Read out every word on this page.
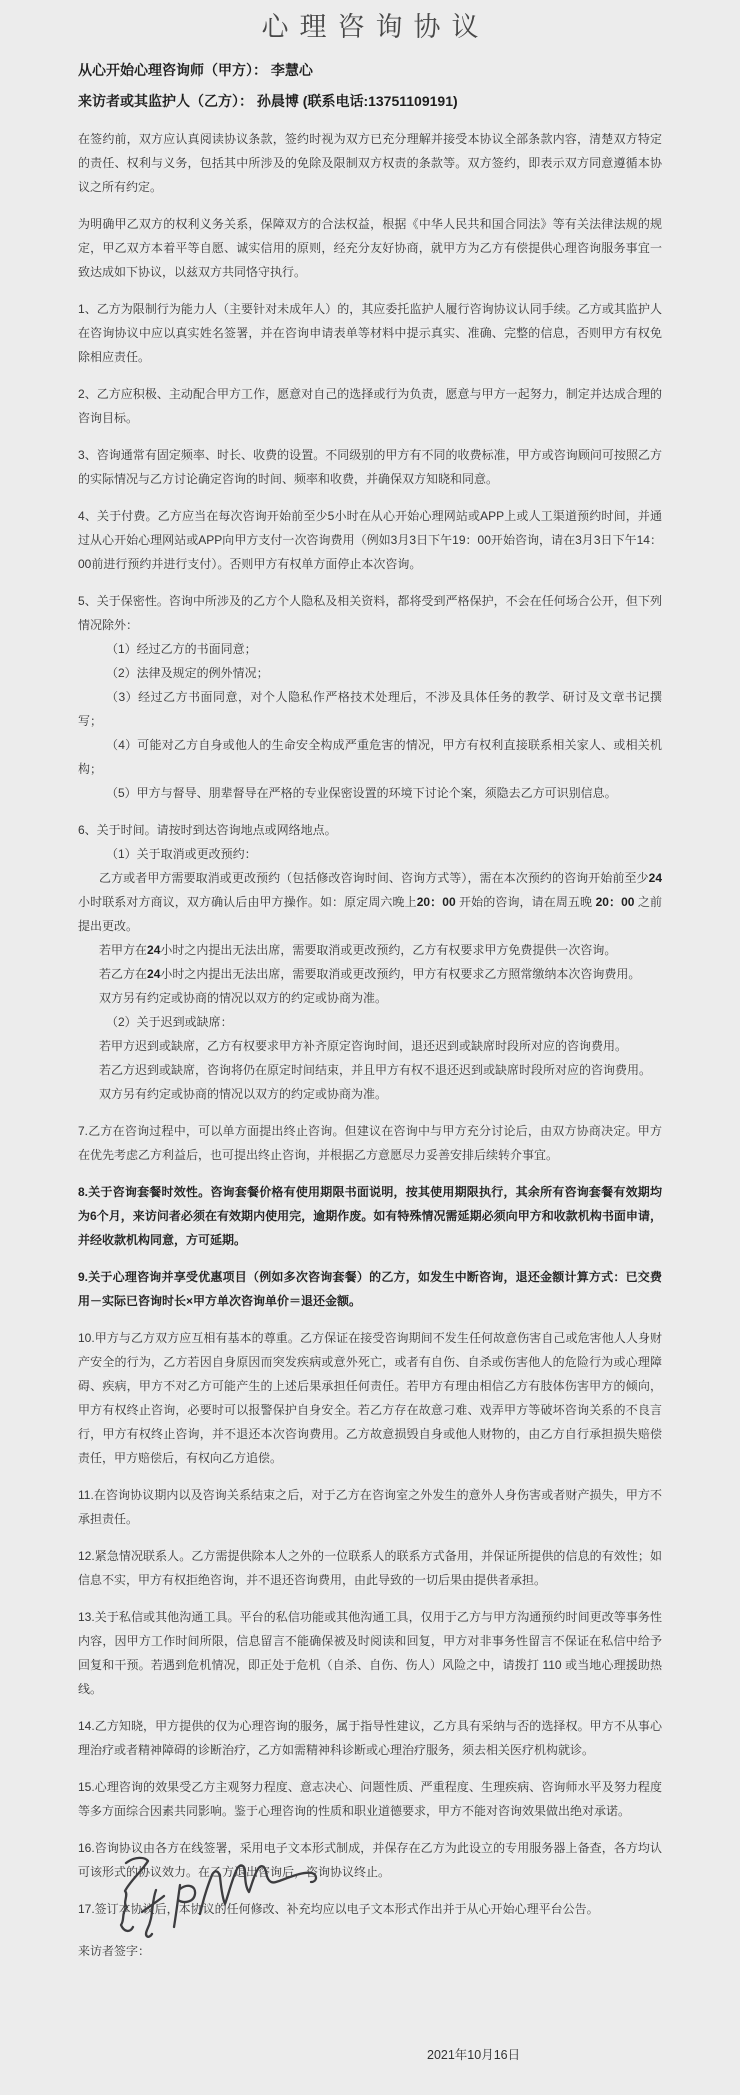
心理咨询协议

从心开始心理咨询师（甲方）： 李慧心

来访者或其监护人（乙方）： 孙晨博 (联系电话:13751109191)

在签约前，双方应认真阅读协议条款，签约时视为双方已充分理解并接受本协议全部条款内容，清楚双方特定的责任、权利与义务，包括其中所涉及的免除及限制双方权责的条款等。双方签约，即表示双方同意遵循本协议之所有约定。

为明确甲乙双方的权利义务关系，保障双方的合法权益，根据《中华人民共和国合同法》等有关法律法规的规定，甲乙双方本着平等自愿、诚实信用的原则，经充分友好协商，就甲方为乙方有偿提供心理咨询服务事宜一致达成如下协议，以兹双方共同恪守执行。

1、乙方为限制行为能力人（主要针对未成年人）的，其应委托监护人履行咨询协议认同手续。乙方或其监护人在咨询协议中应以真实姓名签署，并在咨询申请表单等材料中提示真实、准确、完整的信息，否则甲方有权免除相应责任。

2、乙方应积极、主动配合甲方工作，愿意对自己的选择或行为负责，愿意与甲方一起努力，制定并达成合理的咨询目标。

3、咨询通常有固定频率、时长、收费的设置。不同级别的甲方有不同的收费标准，甲方或咨询顾问可按照乙方的实际情况与乙方讨论确定咨询的时间、频率和收费，并确保双方知晓和同意。

4、关于付费。乙方应当在每次咨询开始前至少5小时在从心开始心理网站或APP上或人工渠道预约时间，并通过从心开始心理网站或APP向甲方支付一次咨询费用（例如3月3日下午19：00开始咨询，请在3月3日下午14：00前进行预约并进行支付）。否则甲方有权单方面停止本次咨询。

5、关于保密性。咨询中所涉及的乙方个人隐私及相关资料，都将受到严格保护，不会在任何场合公开，但下列情况除外：
（1）经过乙方的书面同意；
（2）法律及规定的例外情况；
（3）经过乙方书面同意，对个人隐私作严格技术处理后，不涉及具体任务的教学、研讨及文章书记撰写；
（4）可能对乙方自身或他人的生命安全构成严重危害的情况，甲方有权利直接联系相关家人、或相关机构；
（5）甲方与督导、朋辈督导在严格的专业保密设置的环境下讨论个案，须隐去乙方可识别信息。
6、关于时间。请按时到达咨询地点或网络地点。
（1）关于取消或更改预约：
乙方或者甲方需要取消或更改预约（包括修改咨询时间、咨询方式等），需在本次预约的咨询开始前至少24小时联系对方商议，双方确认后由甲方操作。如：原定周六晚上20：00 开始的咨询，请在周五晚 20：00 之前提出更改。
若甲方在24小时之内提出无法出席，需要取消或更改预约，乙方有权要求甲方免费提供一次咨询。
若乙方在24小时之内提出无法出席，需要取消或更改预约，甲方有权要求乙方照常缴纳本次咨询费用。
双方另有约定或协商的情况以双方的约定或协商为准。
（2）关于迟到或缺席：
若甲方迟到或缺席，乙方有权要求甲方补齐原定咨询时间，退还迟到或缺席时段所对应的咨询费用。
若乙方迟到或缺席，咨询将仍在原定时间结束，并且甲方有权不退还迟到或缺席时段所对应的咨询费用。
双方另有约定或协商的情况以双方的约定或协商为准。

7.乙方在咨询过程中，可以单方面提出终止咨询。但建议在咨询中与甲方充分讨论后，由双方协商决定。甲方在优先考虑乙方利益后，也可提出终止咨询，并根据乙方意愿尽力妥善安排后续转介事宜。

8.关于咨询套餐时效性。咨询套餐价格有使用期限书面说明，按其使用期限执行，其余所有咨询套餐有效期均为6个月，来访问者必须在有效期内使用完，逾期作废。如有特殊情况需延期必须向甲方和收款机构书面申请，并经收款机构同意，方可延期。

9.关于心理咨询并享受优惠项目（例如多次咨询套餐）的乙方，如发生中断咨询，退还金额计算方式：已交费用－实际已咨询时长×甲方单次咨询单价＝退还金额。

10.甲方与乙方双方应互相有基本的尊重。乙方保证在接受咨询期间不发生任何故意伤害自己或危害他人人身财产安全的行为，乙方若因自身原因而突发疾病或意外死亡，或者有自伤、自杀或伤害他人的危险行为或心理障碍、疾病，甲方不对乙方可能产生的上述后果承担任何责任。若甲方有理由相信乙方有肢体伤害甲方的倾向，甲方有权终止咨询，必要时可以报警保护自身安全。若乙方存在故意刁难、戏弄甲方等破坏咨询关系的不良言行，甲方有权终止咨询，并不退还本次咨询费用。乙方故意损毁自身或他人财物的，由乙方自行承担损失赔偿责任，甲方赔偿后，有权向乙方追偿。

11.在咨询协议期内以及咨询关系结束之后，对于乙方在咨询室之外发生的意外人身伤害或者财产损失，甲方不承担责任。

12.紧急情况联系人。乙方需提供除本人之外的一位联系人的联系方式备用，并保证所提供的信息的有效性；如信息不实，甲方有权拒绝咨询，并不退还咨询费用，由此导致的一切后果由提供者承担。

13.关于私信或其他沟通工具。平台的私信功能或其他沟通工具，仅用于乙方与甲方沟通预约时间更改等事务性内容，因甲方工作时间所限，信息留言不能确保被及时阅读和回复，甲方对非事务性留言不保证在私信中给予回复和干预。若遇到危机情况，即正处于危机（自杀、自伤、伤人）风险之中，请拨打 110 或当地心理援助热线。

14.乙方知晓，甲方提供的仅为心理咨询的服务，属于指导性建议，乙方具有采纳与否的选择权。甲方不从事心理治疗或者精神障碍的诊断治疗，乙方如需精神科诊断或心理治疗服务，须去相关医疗机构就诊。

15.心理咨询的效果受乙方主观努力程度、意志决心、问题性质、严重程度、生理疾病、咨询师水平及努力程度等多方面综合因素共同影响。鉴于心理咨询的性质和职业道德要求，甲方不能对咨询效果做出绝对承诺。

16.咨询协议由各方在线签署，采用电子文本形式制成，并保存在乙方为此设立的专用服务器上备查，各方均认可该形式的协议效力。在乙方退出咨询后，咨询协议终止。

17.签订本协议后，本协议的任何修改、补充均应以电子文本形式作出并于从心开始心理平台公告。

来访者签字：

2021年10月16日
